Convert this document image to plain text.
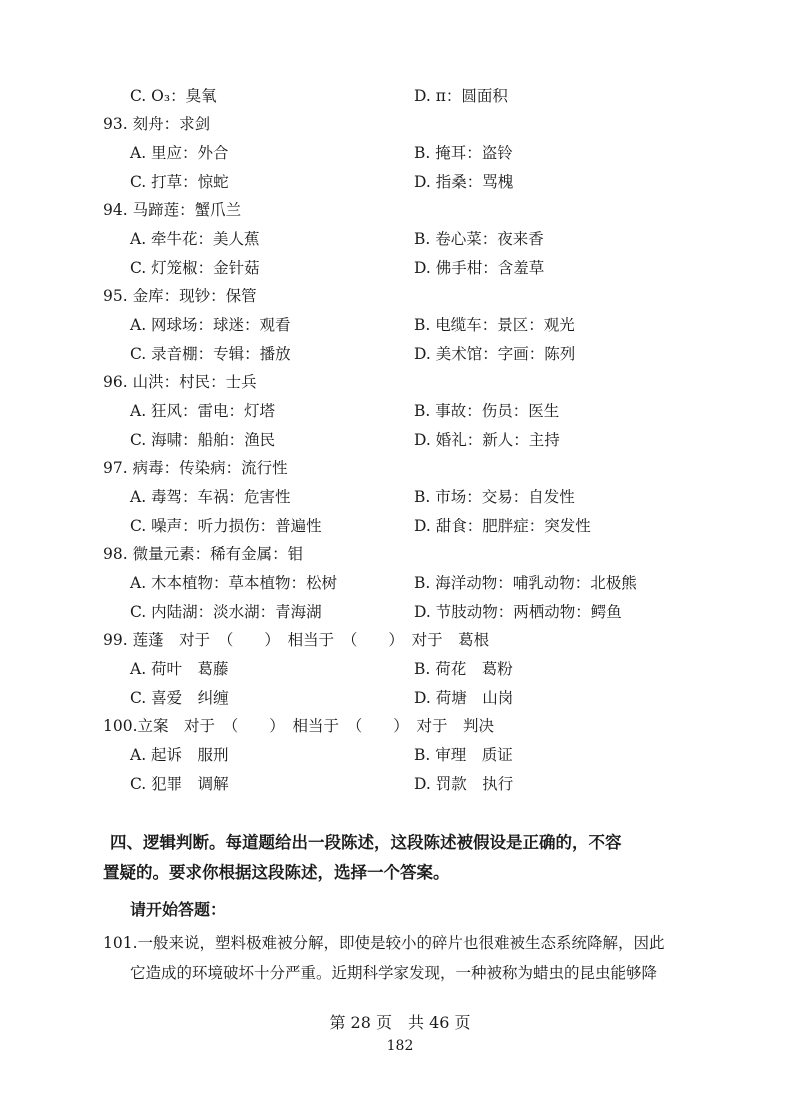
C. O₃：臭氧	D. π：圆面积
93. 刻舟：求剑
A. 里应：外合	B. 掩耳：盗铃
C. 打草：惊蛇	D. 指桑：骂槐
94. 马蹄莲：蟹爪兰
A. 牵牛花：美人蕉	B. 卷心菜：夜来香
C. 灯笼椒：金针菇	D. 佛手柑：含羞草
95. 金库：现钞：保管
A. 网球场：球迷：观看	B. 电缆车：景区：观光
C. 录音棚：专辑：播放	D. 美术馆：字画：陈列
96. 山洪：村民：士兵
A. 狂风：雷电：灯塔	B. 事故：伤员：医生
C. 海啸：船舶：渔民	D. 婚礼：新人：主持
97. 病毒：传染病：流行性
A. 毒驾：车祸：危害性	B. 市场：交易：自发性
C. 噪声：听力损伤：普遍性	D. 甜食：肥胖症：突发性
98. 微量元素：稀有金属：钼
A. 木本植物：草本植物：松树	B. 海洋动物：哺乳动物：北极熊
C. 内陆湖：淡水湖：青海湖	D. 节肢动物：两栖动物：鳄鱼
99. 莲蓬　对于　（　　）　相当于　（　　）　对于　葛根
A. 荷叶　葛藤	B. 荷花　葛粉
C. 喜爱　纠缠	D. 荷塘　山岗
100.立案　对于　（　　）　相当于　（　　）　对于　判决
A. 起诉　服刑	B. 审理　质证
C. 犯罪　调解	D. 罚款　执行
四、逻辑判断。每道题给出一段陈述，这段陈述被假设是正确的，不容
置疑的。要求你根据这段陈述，选择一个答案。
请开始答题：
101.一般来说，塑料极难被分解，即使是较小的碎片也很难被生态系统降解，因此
它造成的环境破坏十分严重。近期科学家发现，一种被称为蜡虫的昆虫能够降
第 28 页　共 46 页
182
